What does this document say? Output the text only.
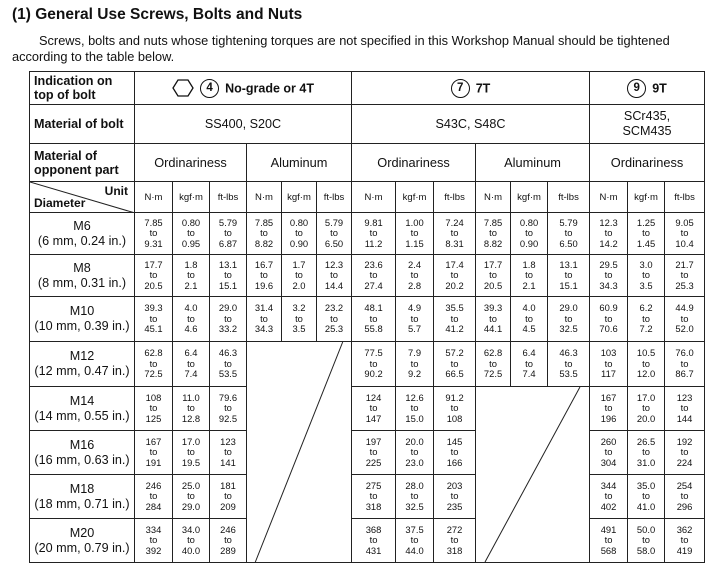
(1) General Use Screws, Bolts and Nuts
Screws, bolts and nuts whose tightening torques are not specified in this Workshop Manual should be tightened
according to the table below.
Indication on top of bolt	4 No-grade or 4T						7 7T						9 9T		
Material of bolt	SS400, S20C						S43C, S48C						SCr435,
SCM435		

Material of opponent part	Ordinariness			Aluminum			Ordinariness			Aluminum			Ordinariness		

Unit
Diameter	N·m	kgf·m	ft-lbs	N·m	kgf·m	ft-lbs	N·m	kgf·m	ft-lbs	N·m	kgf·m	ft-lbs	N·m	kgf·m	ft-lbs

M6
(6 mm, 0.24 in.)	7.85
to
9.31	0.80
to
0.95	5.79
to
6.87	7.85
to
8.82	0.80
to
0.90	5.79
to
6.50	9.81
to
11.2	1.00
to
1.15	7.24
to
8.31	7.85
to
8.82	0.80
to
0.90	5.79
to
6.50	12.3
to
14.2	1.25
to
1.45	9.05
to
10.4

M8
(8 mm, 0.31 in.)	17.7
to
20.5	1.8
to
2.1	13.1
to
15.1	16.7
to
19.6	1.7
to
2.0	12.3
to
14.4	23.6
to
27.4	2.4
to
2.8	17.4
to
20.2	17.7
to
20.5	1.8
to
2.1	13.1
to
15.1	29.5
to
34.3	3.0
to
3.5	21.7
to
25.3

M10
(10 mm, 0.39 in.)	39.3
to
45.1	4.0
to
4.6	29.0
to
33.2	31.4
to
34.3	3.2
to
3.5	23.2
to
25.3	48.1
to
55.8	4.9
to
5.7	35.5
to
41.2	39.3
to
44.1	4.0
to
4.5	29.0
to
32.5	60.9
to
70.6	6.2
to
7.2	44.9
to
52.0

M12
(12 mm, 0.47 in.)	62.8
to
72.5	6.4
to
7.4	46.3
to
53.5				77.5
to
90.2	7.9
to
9.2	57.2
to
66.5	62.8
to
72.5	6.4
to
7.4	46.3
to
53.5	103
to
117	10.5
to
12.0	76.0
to
86.7

M14
(14 mm, 0.55 in.)	108
to
125	11.0
to
12.8	79.6
to
92.5				124
to
147	12.6
to
15.0	91.2
to
108				167
to
196	17.0
to
20.0	123
to
144

M16
(16 mm, 0.63 in.)	167
to
191	17.0
to
19.5	123
to
141				197
to
225	20.0
to
23.0	145
to
166				260
to
304	26.5
to
31.0	192
to
224

M18
(18 mm, 0.71 in.)	246
to
284	25.0
to
29.0	181
to
209				275
to
318	28.0
to
32.5	203
to
235				344
to
402	35.0
to
41.0	254
to
296

M20
(20 mm, 0.79 in.)	334
to
392	34.0
to
40.0	246
to
289				368
to
431	37.5
to
44.0	272
to
318				491
to
568	50.0
to
58.0	362
to
419
